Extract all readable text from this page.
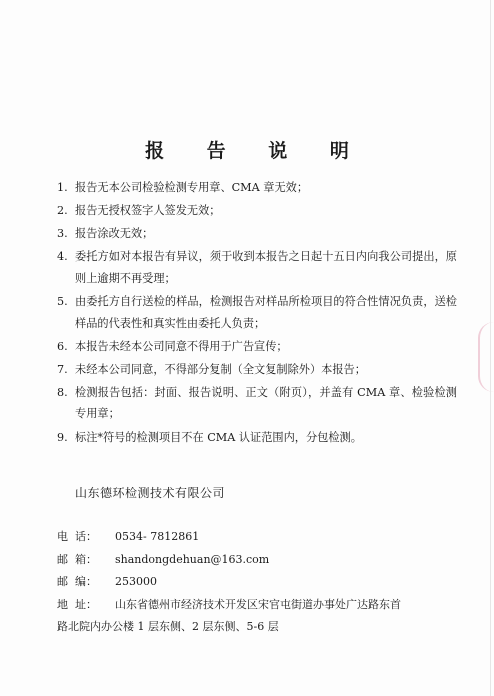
报 告 说 明
1. 报告无本公司检验检测专用章、CMA 章无效；
2. 报告无授权签字人签发无效；
3. 报告涂改无效；
4. 委托方如对本报告有异议，须于收到本报告之日起十五日内向我公司提出，原则上逾期不再受理；
5. 由委托方自行送检的样品，检测报告对样品所检项目的符合性情况负责，送检样品的代表性和真实性由委托人负责；
6. 本报告未经本公司同意不得用于广告宣传；
7. 未经本公司同意，不得部分复制（全文复制除外）本报告；
8. 检测报告包括：封面、报告说明、正文（附页），并盖有 CMA 章、检验检测专用章；
9. 标注*符号的检测项目不在 CMA 认证范围内，分包检测。
山东德环检测技术有限公司
电  话：	0534- 7812861
邮  箱：	shandongdehuan@163.com
邮  编：	253000
地  址：	山东省德州市经济技术开发区宋官屯街道办事处广达路东首
路北院内办公楼 1 层东侧、2 层东侧、5-6 层
